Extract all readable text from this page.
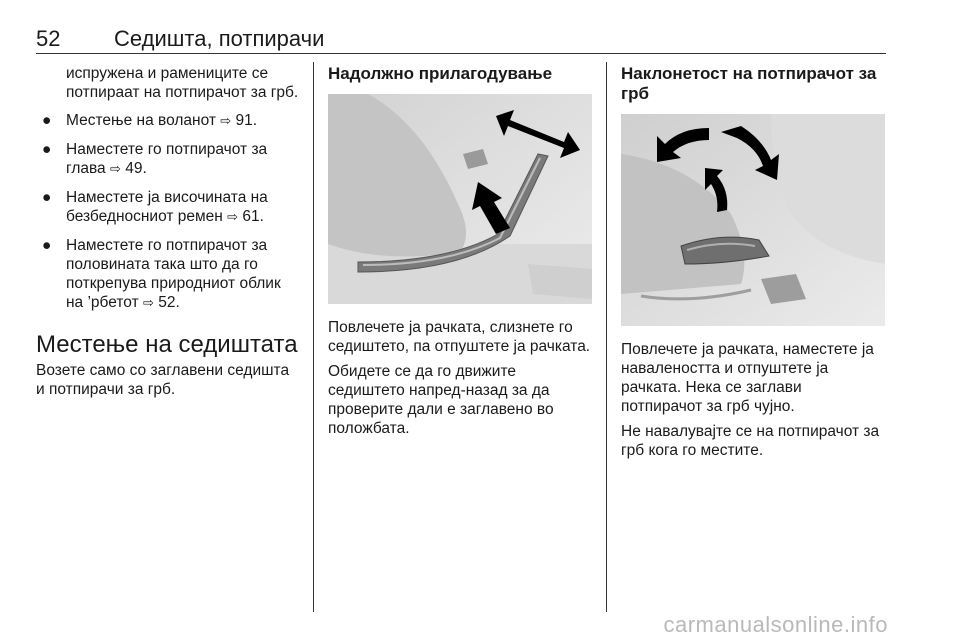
52 Седишта, потпирачи
испружена и рамениците се потпираат на потпирачот за грб.
● Местење на воланот ⇨ 91.
● Наместете го потпирачот за глава ⇨ 49.
● Наместете ја височината на безбедносниот ремен ⇨ 61.
● Наместете го потпирачот за половината така што да го поткрепува природниот облик на ’рбетот ⇨ 52.
Местење на седиштата

Возете само со заглавени седишта и потпирачи за грб.

Надолжно прилагодување

Повлечете ја рачката, слизнете го седиштето, па отпуштете ја рачката.

Обидете се да го движите седиштето напред-назад за да проверите дали е заглавено во положбата.

Наклонетост на потпирачот за грб

Повлечете ја рачката, наместете ја навалеността и отпуштете ја рачката. Нека се заглави потпирачот за грб чујно.

Не навалувајте се на потпирачот за грб кога го местите.

carmanualsonline.info
